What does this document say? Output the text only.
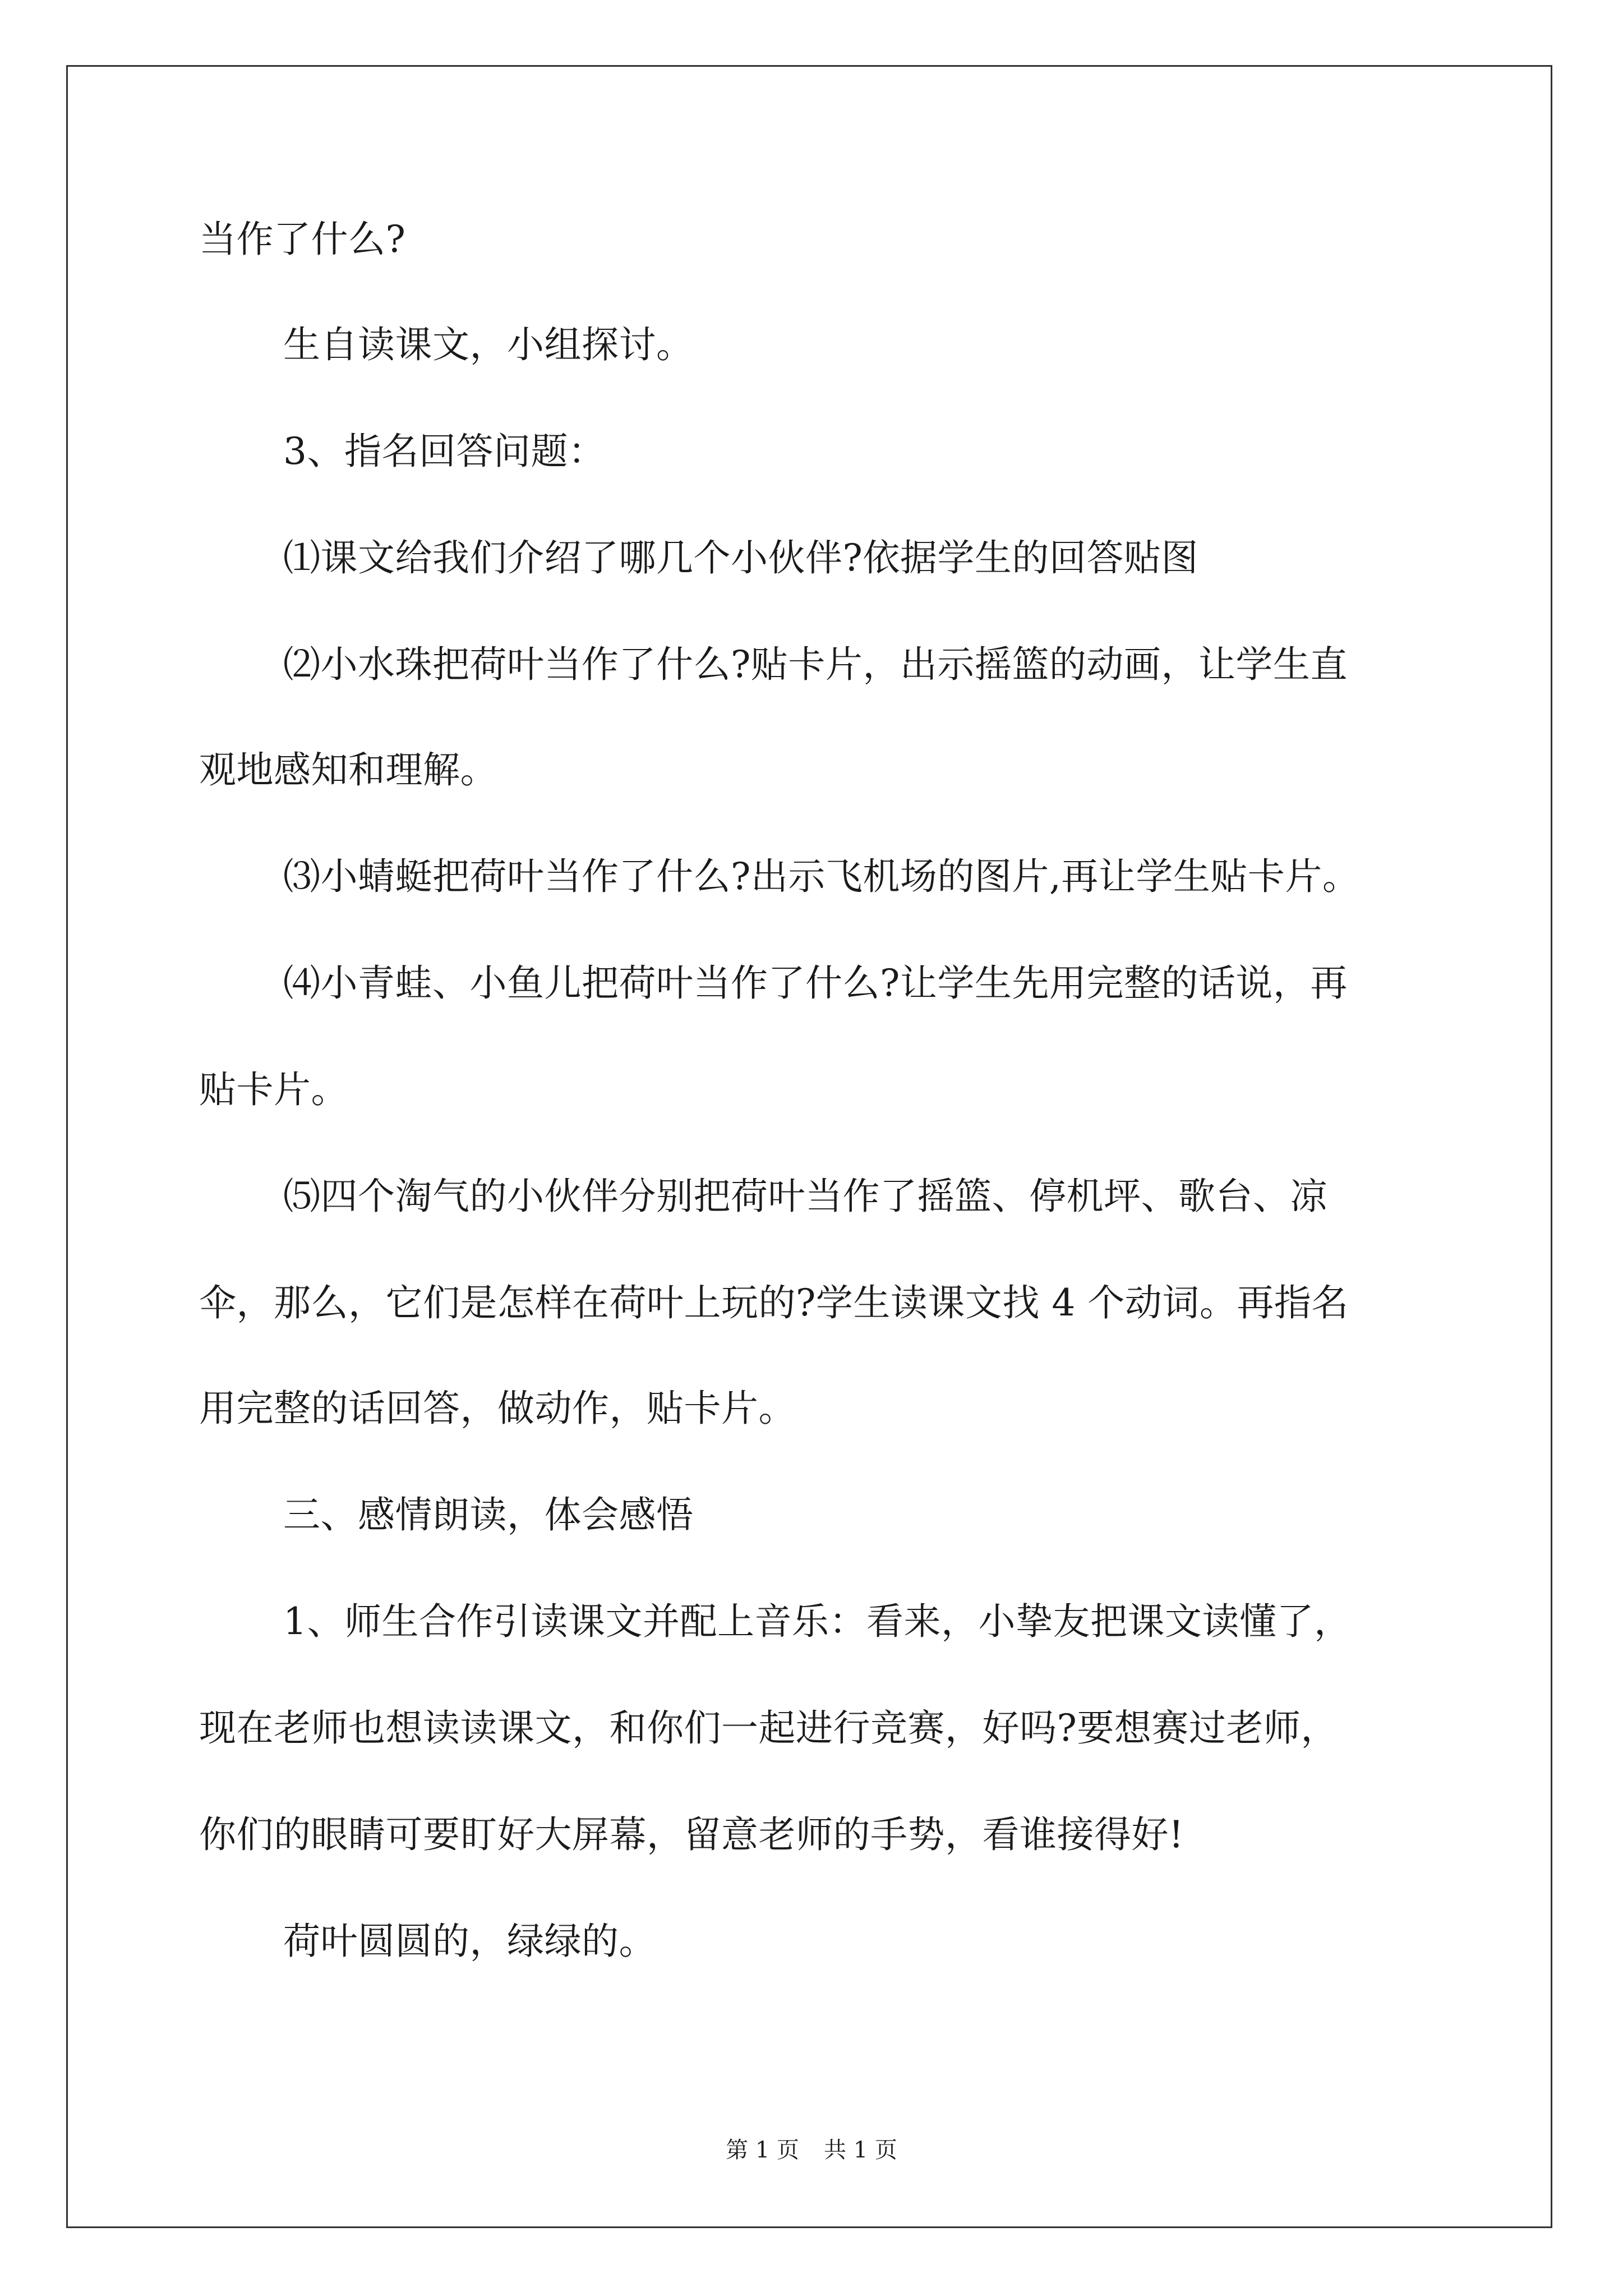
当作了什么?
生自读课文，小组探讨。
3、指名回答问题：
⑴课文给我们介绍了哪几个小伙伴?依据学生的回答贴图
⑵小水珠把荷叶当作了什么?贴卡片，出示摇篮的动画，让学生直
观地感知和理解。
⑶小蜻蜓把荷叶当作了什么?出示飞机场的图片,再让学生贴卡片。
⑷小青蛙、小鱼儿把荷叶当作了什么?让学生先用完整的话说，再
贴卡片。
⑸四个淘气的小伙伴分别把荷叶当作了摇篮、停机坪、歌台、凉
伞，那么，它们是怎样在荷叶上玩的?学生读课文找 4 个动词。再指名
用完整的话回答，做动作，贴卡片。
三、感情朗读，体会感悟
1、师生合作引读课文并配上音乐：看来，小挚友把课文读懂了，
现在老师也想读读课文，和你们一起进行竞赛，好吗?要想赛过老师，
你们的眼睛可要盯好大屏幕，留意老师的手势，看谁接得好!
荷叶圆圆的，绿绿的。
第 1 页 共 1 页
